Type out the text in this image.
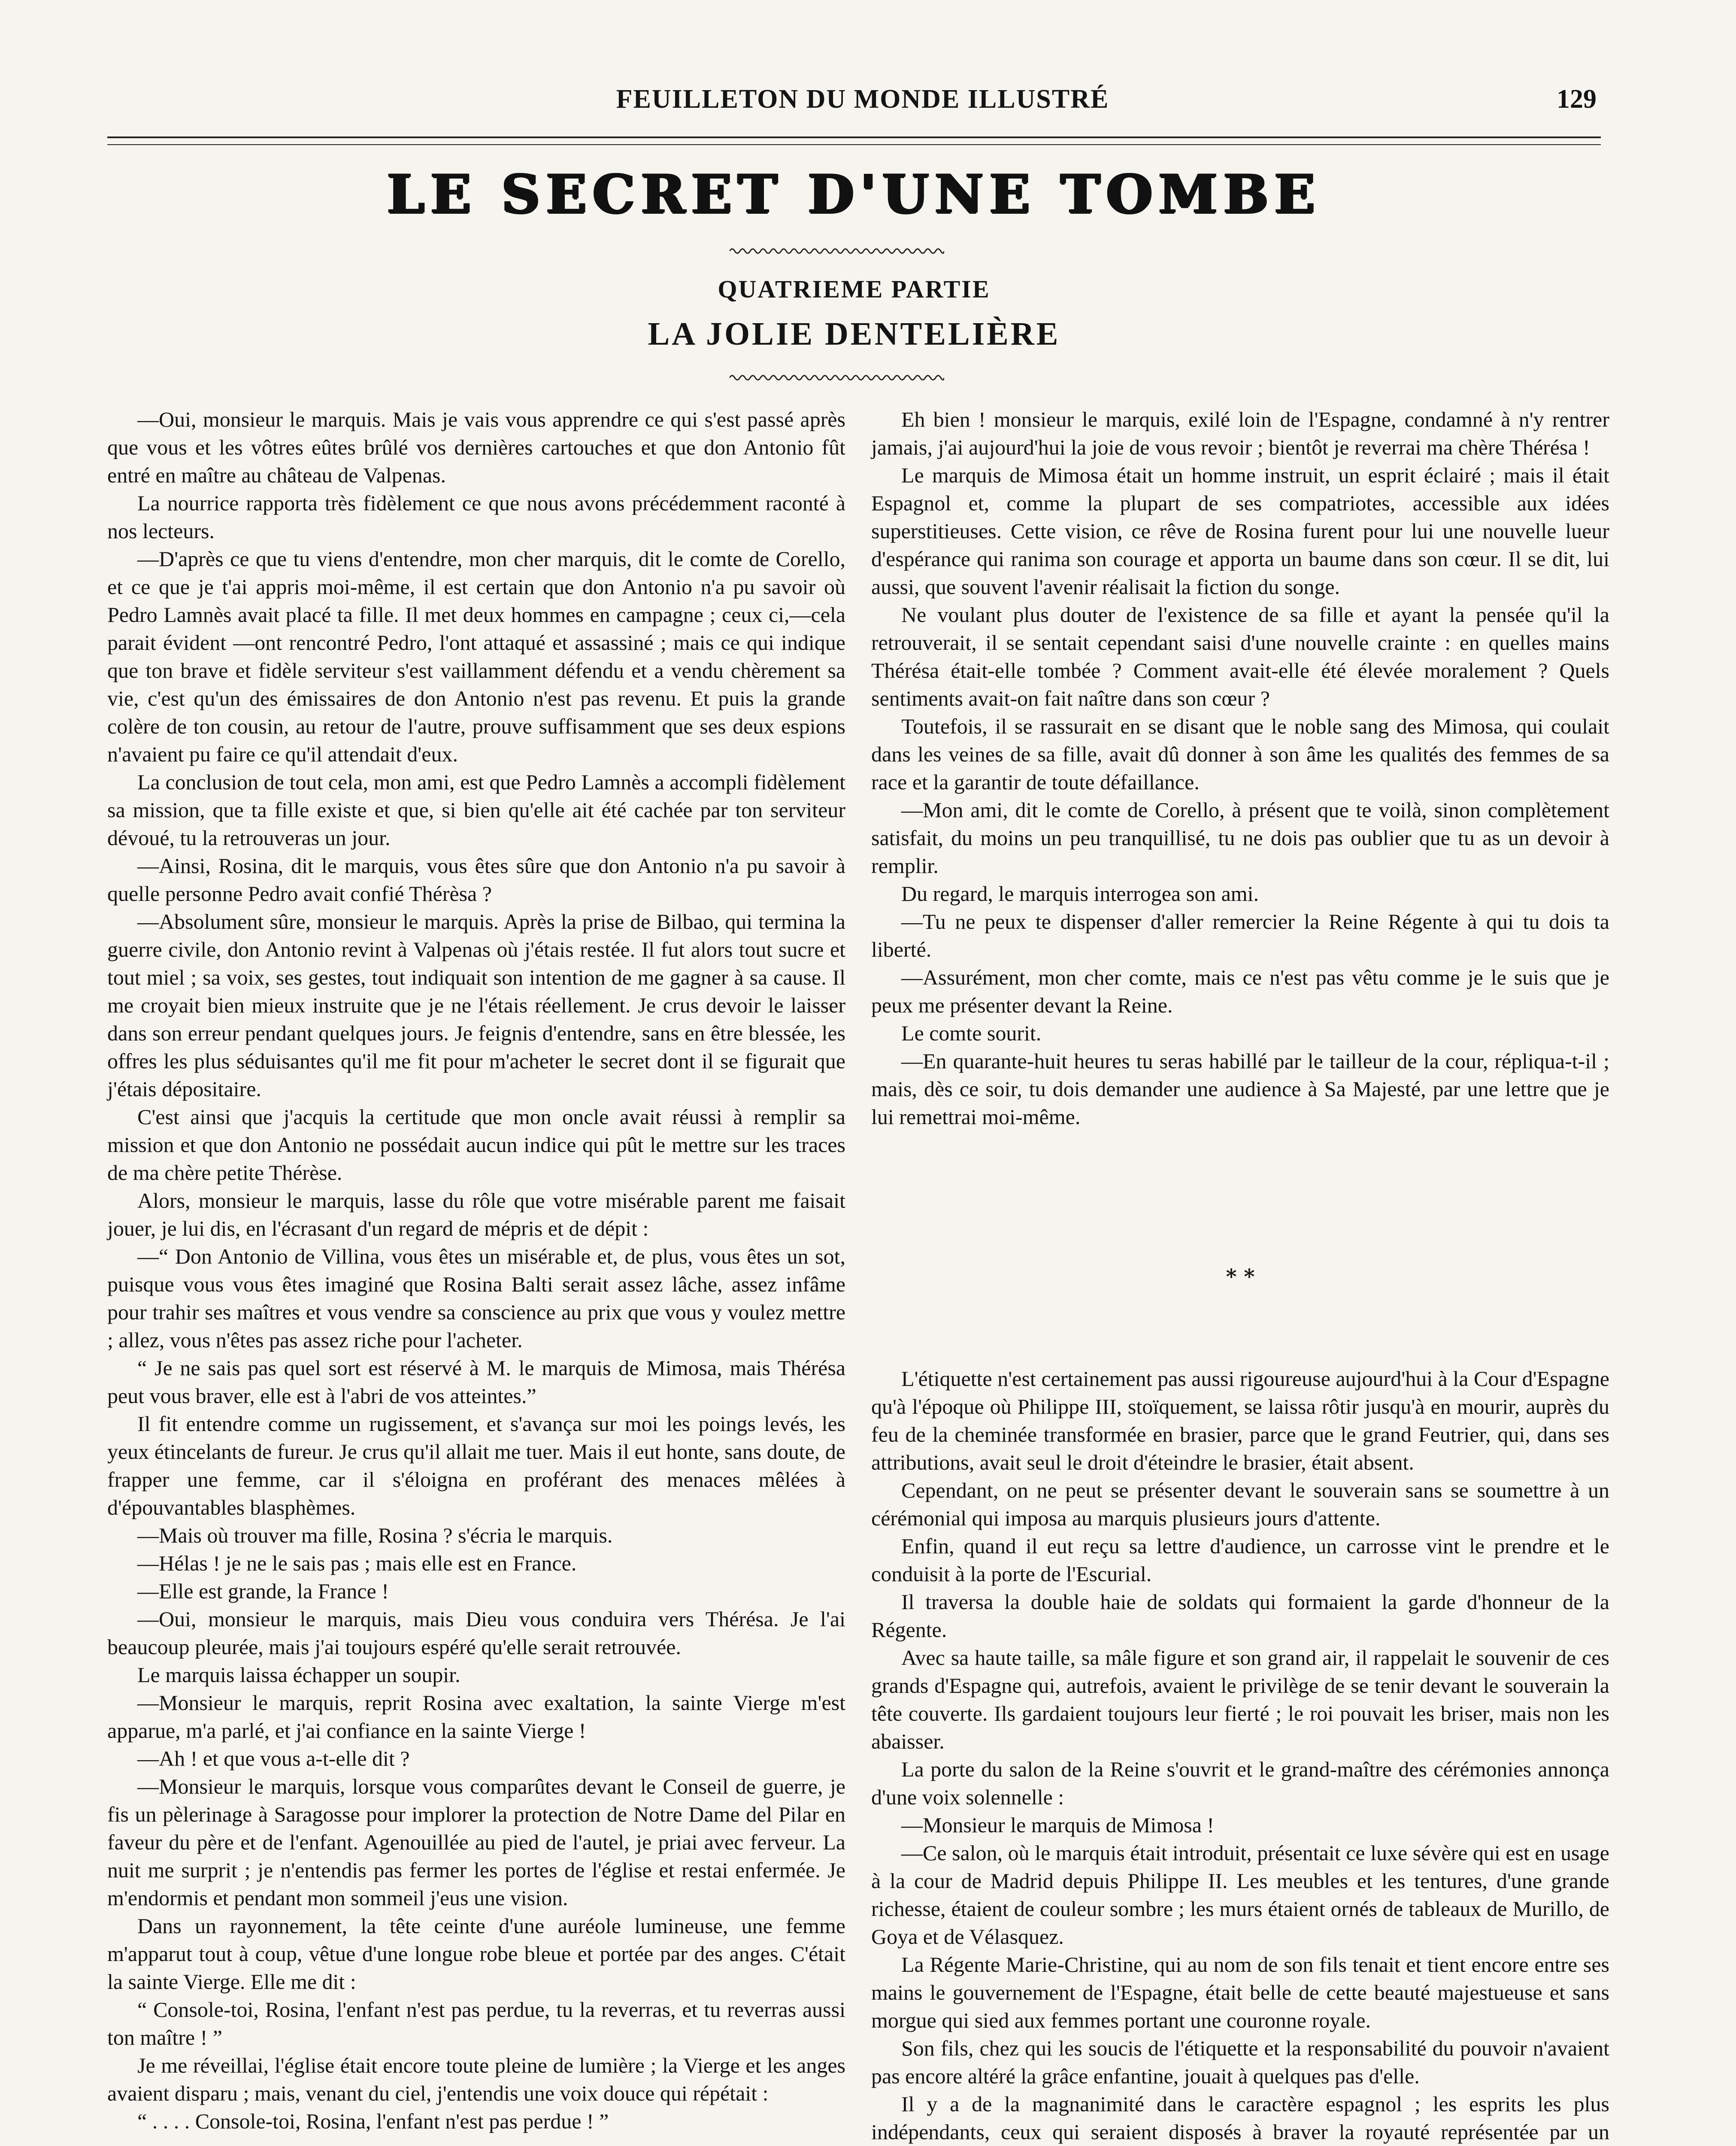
FEUILLETON DU MONDE ILLUSTRÉ	129
LE SECRET D'UNE TOMBE
QUATRIEME PARTIE
LA JOLIE DENTELIÈRE

—Oui, monsieur le marquis. Mais je vais vous apprendre ce qui s'est passé après que vous et les vôtres eûtes brûlé vos dernières cartouches et que don Antonio fût entré en maître au château de Valpenas.

La nourrice rapporta très fidèlement ce que nous avons précédemment raconté à nos lecteurs.

—D'après ce que tu viens d'entendre, mon cher marquis, dit le comte de Corello, et ce que je t'ai appris moi-même, il est certain que don Antonio n'a pu savoir où Pedro Lamnès avait placé ta fille. Il met deux hommes en campagne ; ceux ci,—cela parait évident —ont rencontré Pedro, l'ont attaqué et assassiné ; mais ce qui indique que ton brave et fidèle serviteur s'est vaillamment défendu et a vendu chèrement sa vie, c'est qu'un des émissaires de don Antonio n'est pas revenu. Et puis la grande colère de ton cousin, au retour de l'autre, prouve suffisamment que ses deux espions n'avaient pu faire ce qu'il attendait d'eux.

La conclusion de tout cela, mon ami, est que Pedro Lamnès a accompli fidèlement sa mission, que ta fille existe et que, si bien qu'elle ait été cachée par ton serviteur dévoué, tu la retrouveras un jour.

—Ainsi, Rosina, dit le marquis, vous êtes sûre que don Antonio n'a pu savoir à quelle personne Pedro avait confié Thérèsa ?

—Absolument sûre, monsieur le marquis. Après la prise de Bilbao, qui termina la guerre civile, don Antonio revint à Valpenas où j'étais restée. Il fut alors tout sucre et tout miel ; sa voix, ses gestes, tout indiquait son intention de me gagner à sa cause. Il me croyait bien mieux instruite que je ne l'étais réellement. Je crus devoir le laisser dans son erreur pendant quelques jours. Je feignis d'entendre, sans en être blessée, les offres les plus séduisantes qu'il me fit pour m'acheter le secret dont il se figurait que j'étais dépositaire.

C'est ainsi que j'acquis la certitude que mon oncle avait réussi à remplir sa mission et que don Antonio ne possédait aucun indice qui pût le mettre sur les traces de ma chère petite Thérèse.

Alors, monsieur le marquis, lasse du rôle que votre misérable parent me faisait jouer, je lui dis, en l'écrasant d'un regard de mépris et de dépit :

—“ Don Antonio de Villina, vous êtes un misérable et, de plus, vous êtes un sot, puisque vous vous êtes imaginé que Rosina Balti serait assez lâche, assez infâme pour trahir ses maîtres et vous vendre sa conscience au prix que vous y voulez mettre ; allez, vous n'êtes pas assez riche pour l'acheter.

“ Je ne sais pas quel sort est réservé à M. le marquis de Mimosa, mais Thérésa peut vous braver, elle est à l'abri de vos atteintes.”

Il fit entendre comme un rugissement, et s'avança sur moi les poings levés, les yeux étincelants de fureur. Je crus qu'il allait me tuer. Mais il eut honte, sans doute, de frapper une femme, car il s'éloigna en proférant des menaces mêlées à d'épouvantables blasphèmes.

—Mais où trouver ma fille, Rosina ? s'écria le marquis.

—Hélas ! je ne le sais pas ; mais elle est en France.

—Elle est grande, la France !

—Oui, monsieur le marquis, mais Dieu vous conduira vers Thérésa. Je l'ai beaucoup pleurée, mais j'ai toujours espéré qu'elle serait retrouvée.

Le marquis laissa échapper un soupir.

—Monsieur le marquis, reprit Rosina avec exaltation, la sainte Vierge m'est apparue, m'a parlé, et j'ai confiance en la sainte Vierge !

—Ah ! et que vous a-t-elle dit ?

—Monsieur le marquis, lorsque vous comparûtes devant le Conseil de guerre, je fis un pèlerinage à Saragosse pour implorer la protection de Notre Dame del Pilar en faveur du père et de l'enfant. Agenouillée au pied de l'autel, je priai avec ferveur. La nuit me surprit ; je n'entendis pas fermer les portes de l'église et restai enfermée. Je m'endormis et pendant mon sommeil j'eus une vision.

Dans un rayonnement, la tête ceinte d'une auréole lumineuse, une femme m'apparut tout à coup, vêtue d'une longue robe bleue et portée par des anges. C'était la sainte Vierge. Elle me dit :

“ Console-toi, Rosina, l'enfant n'est pas perdue, tu la reverras, et tu reverras aussi ton maître ! ”

Je me réveillai, l'église était encore toute pleine de lumière ; la Vierge et les anges avaient disparu ; mais, venant du ciel, j'entendis une voix douce qui répétait :

“ . . . . Console-toi, Rosina, l'enfant n'est pas perdue ! ”

Eh bien ! monsieur le marquis, exilé loin de l'Espagne, condamné à n'y rentrer jamais, j'ai aujourd'hui la joie de vous revoir ; bientôt je reverrai ma chère Thérésa !

Le marquis de Mimosa était un homme instruit, un esprit éclairé ; mais il était Espagnol et, comme la plupart de ses compatriotes, accessible aux idées superstitieuses. Cette vision, ce rêve de Rosina furent pour lui une nouvelle lueur d'espérance qui ranima son courage et apporta un baume dans son cœur. Il se dit, lui aussi, que souvent l'avenir réalisait la fiction du songe.

Ne voulant plus douter de l'existence de sa fille et ayant la pensée qu'il la retrouverait, il se sentait cependant saisi d'une nouvelle crainte : en quelles mains Thérésa était-elle tombée ? Comment avait-elle été élevée moralement ? Quels sentiments avait-on fait naître dans son cœur ?

Toutefois, il se rassurait en se disant que le noble sang des Mimosa, qui coulait dans les veines de sa fille, avait dû donner à son âme les qualités des femmes de sa race et la garantir de toute défaillance.

—Mon ami, dit le comte de Corello, à présent que te voilà, sinon complètement satisfait, du moins un peu tranquillisé, tu ne dois pas oublier que tu as un devoir à remplir.

Du regard, le marquis interrogea son ami.

—Tu ne peux te dispenser d'aller remercier la Reine Régente à qui tu dois ta liberté.

—Assurément, mon cher comte, mais ce n'est pas vêtu comme je le suis que je peux me présenter devant la Reine.

Le comte sourit.

—En quarante-huit heures tu seras habillé par le tailleur de la cour, répliqua-t-il ; mais, dès ce soir, tu dois demander une audience à Sa Majesté, par une lettre que je lui remettrai moi-même.

* *

L'étiquette n'est certainement pas aussi rigoureuse aujourd'hui à la Cour d'Espagne qu'à l'époque où Philippe III, stoïquement, se laissa rôtir jusqu'à en mourir, auprès du feu de la cheminée transformée en brasier, parce que le grand Feutrier, qui, dans ses attributions, avait seul le droit d'éteindre le brasier, était absent.

Cependant, on ne peut se présenter devant le souverain sans se soumettre à un cérémonial qui imposa au marquis plusieurs jours d'attente.

Enfin, quand il eut reçu sa lettre d'audience, un carrosse vint le prendre et le conduisit à la porte de l'Escurial.

Il traversa la double haie de soldats qui formaient la garde d'honneur de la Régente.

Avec sa haute taille, sa mâle figure et son grand air, il rappelait le souvenir de ces grands d'Espagne qui, autrefois, avaient le privilège de se tenir devant le souverain la tête couverte. Ils gardaient toujours leur fierté ; le roi pouvait les briser, mais non les abaisser.

La porte du salon de la Reine s'ouvrit et le grand-maître des cérémonies annonça d'une voix solennelle :

—Monsieur le marquis de Mimosa !

—Ce salon, où le marquis était introduit, présentait ce luxe sévère qui est en usage à la cour de Madrid depuis Philippe II. Les meubles et les tentures, d'une grande richesse, étaient de couleur sombre ; les murs étaient ornés de tableaux de Murillo, de Goya et de Vélasquez.

La Régente Marie-Christine, qui au nom de son fils tenait et tient encore entre ses mains le gouvernement de l'Espagne, était belle de cette beauté majestueuse et sans morgue qui sied aux femmes portant une couronne royale.

Son fils, chez qui les soucis de l'étiquette et la responsabilité du pouvoir n'avaient pas encore altéré la grâce enfantine, jouait à quelques pas d'elle.

Il y a de la magnanimité dans le caractère espagnol ; les esprits les plus indépendants, ceux qui seraient disposés à braver la royauté représentée par un
